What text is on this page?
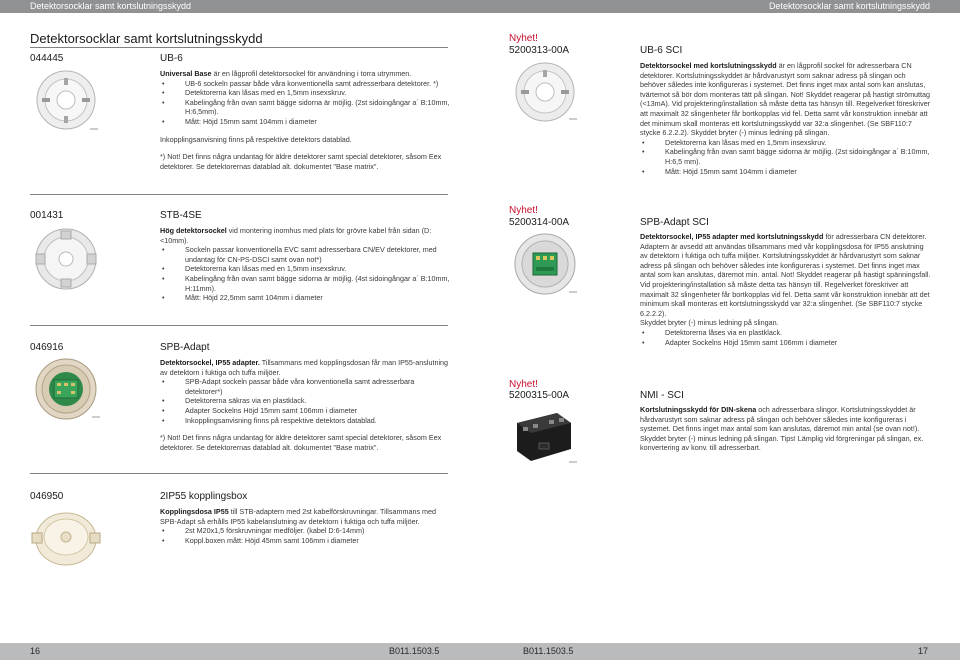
Detektorsocklar samt kortslutningsskydd	Detektorsocklar samt kortslutningsskydd
Detektorsocklar samt kortslutningsskydd
044445	UB-6

Universal Base är en lågprofil detektorsockel för användning i torra utrymmen.

• UB-6 sockeln passar både våra konventionella samt adresserbara detektorer. *)
• Detektorerna kan låsas med en 1,5mm insexskruv.
• Kabelingång från ovan samt bägge sidorna är möjlig. (2st sidoingångar a´ B:10mm, H:6,5mm).
• Mått: Höjd 15mm samt 104mm i diameter

Inkopplingsanvisning finns på respektive detektors datablad.

*) Not! Det finns några undantag för äldre detektorer samt special detektorer, såsom Eex detektorer. Se detektorernas datablad alt. dokumentet "Base matrix".

001431	STB-4SE

Hög detektorsockel vid montering inomhus med plats för grövre kabel från sidan (D:<10mm).

• Sockeln passar konventionella EVC samt adresserbara CN/EV detektorer, med undantag för CN-PS-DSCI samt ovan not*)
• Detektorerna kan låsas med en 1,5mm insexskruv.
• Kabelingång från ovan samt bägge sidorna är möjlig. (4st sidoingångar a´ B:10mm, H:11mm).
• Mått: Höjd 22,5mm samt 104mm i diameter
046916	SPB-Adapt

Detektorsockel, IP55 adapter. Tillsammans med kopplingsdosan får man IP55-anslutning av detektorn i fuktiga och tuffa miljöer.

• SPB-Adapt sockeln passar både våra konventionella samt adresserbara detektorer*)
• Detektorerna säkras via en plastklack.
• Adapter Sockelns Höjd 15mm samt 106mm i diameter
• Inkopplingsanvisning finns på respektive detektors datablad.

*) Not! Det finns några undantag för äldre detektorer samt special detektorer, såsom Eex detektorer. Se detektorernas datablad alt. dokumentet "Base matrix".

046950	2IP55 kopplingsbox

Kopplingsdosa IP55 till STB-adaptern med 2st kabelförskruvningar. Tillsammans med SPB-Adapt så erhålls IP55 kabelanslutning av detektorn i fuktiga och tuffa miljöer.

• 2st M20x1,5 förskruvningar medföljer. (kabel D:6-14mm)
• Koppl.boxen mått: Höjd 45mm samt 106mm i diameter
Nyhet!
5200313-00A	UB-6 SCI

Detektorsockel med kortslutningsskydd är en lågprofil sockel för adresserbara CN detektorer. Kortslutningsskyddet är hårdvarustyrt som saknar adress på slingan och behöver således inte konfigureras i systemet. Det finns inget max antal som kan anslutas, tvärtemot så bör dom monteras tätt på slingan. Not! Skyddet reagerar på hastigt strömuttag (<13mA). Vid projektering/installation så måste detta tas hänsyn till. Regelverket föreskriver att maximalt 32 slingenheter får bortkopplas vid fel. Detta samt vår konstruktion innebär att det minimum skall monteras ett kortslutningsskydd var 32:a slingenhet. (Se SBF110:7 stycke 6.2.2.2). Skyddet bryter (-) minus ledning på slingan.

• Detektorerna kan låsas med en 1,5mm insexskruv.
• Kabelingång från ovan samt bägge sidorna är möjlig. (2st sidoingångar a´ B:10mm, H:6,5 mm).
• Mått: Höjd 15mm samt 104mm i diameter
Nyhet!
5200314-00A	SPB-Adapt SCI

Detektorsockel, IP55 adapter med kortslutningsskydd för adresserbara CN detektorer. Adaptern är avsedd att användas tillsammans med vår kopplingsdosa för IP55 anslutning av detektorn i fuktiga och tuffa miljöer. Kortslutningsskyddet är hårdvarustyrt som saknar adress på slingan och behöver således inte konfigureras i systemet. Det finns inget max antal som kan anslutas, däremot min. antal. Not! Skyddet reagerar på hastigt spänningsfall. Vid projektering/installation så måste detta tas hänsyn till. Regelverket föreskriver att maximalt 32 slingenheter får bortkopplas vid fel. Detta samt vår konstruktion innebär att det minimum skall monteras ett kortslutningsskydd var 32:a slingenhet. (Se SBF110:7 stycke 6.2.2.2).

Skyddet bryter (-) minus ledning på slingan.

• Detektorerna låses via en plastklack.
• Adapter Sockelns Höjd 15mm samt 106mm i diameter
Nyhet!
5200315-00A	NMI - SCI

Kortslutningsskydd för DIN-skena och adresserbara slingor. Kortslutningsskyddet är hårdvarustyrt som saknar adress på slingan och behöver således inte konfigureras i systemet. Det finns inget max antal som kan anslutas, däremot min antal (se ovan not!). Skyddet bryter (-) minus ledning på slingan. Tips! Lämplig vid förgreningar på slingan, ex. konvertering av konv. till adresserbart.

16	B011.1503.5	B011.1503.5	17
